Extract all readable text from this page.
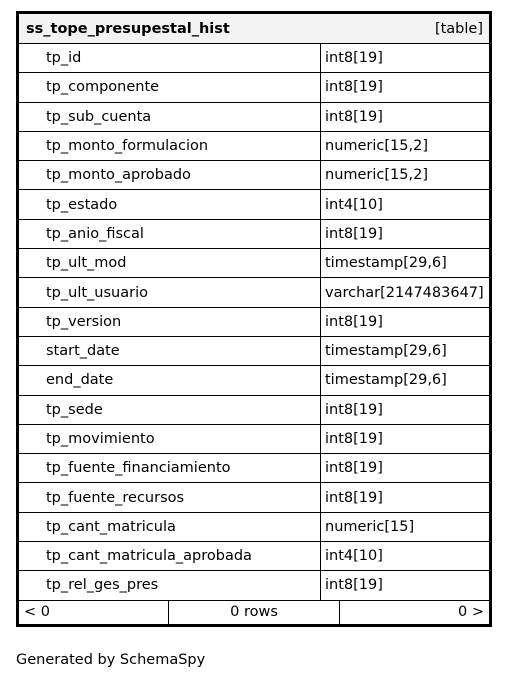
ss_tope_presupestal_hist	[table]
tp_id	int8[19]
tp_componente	int8[19]
tp_sub_cuenta	int8[19]
tp_monto_formulacion	numeric[15,2]
tp_monto_aprobado	numeric[15,2]
tp_estado	int4[10]
tp_anio_fiscal	int8[19]
tp_ult_mod	timestamp[29,6]
tp_ult_usuario	varchar[2147483647]
tp_version	int8[19]
start_date	timestamp[29,6]
end_date	timestamp[29,6]
tp_sede	int8[19]
tp_movimiento	int8[19]
tp_fuente_financiamiento	int8[19]
tp_fuente_recursos	int8[19]
tp_cant_matricula	numeric[15]
tp_cant_matricula_aprobada	int4[10]
tp_rel_ges_pres	int8[19]
< 0	0 rows	0 >
Generated by SchemaSpy
